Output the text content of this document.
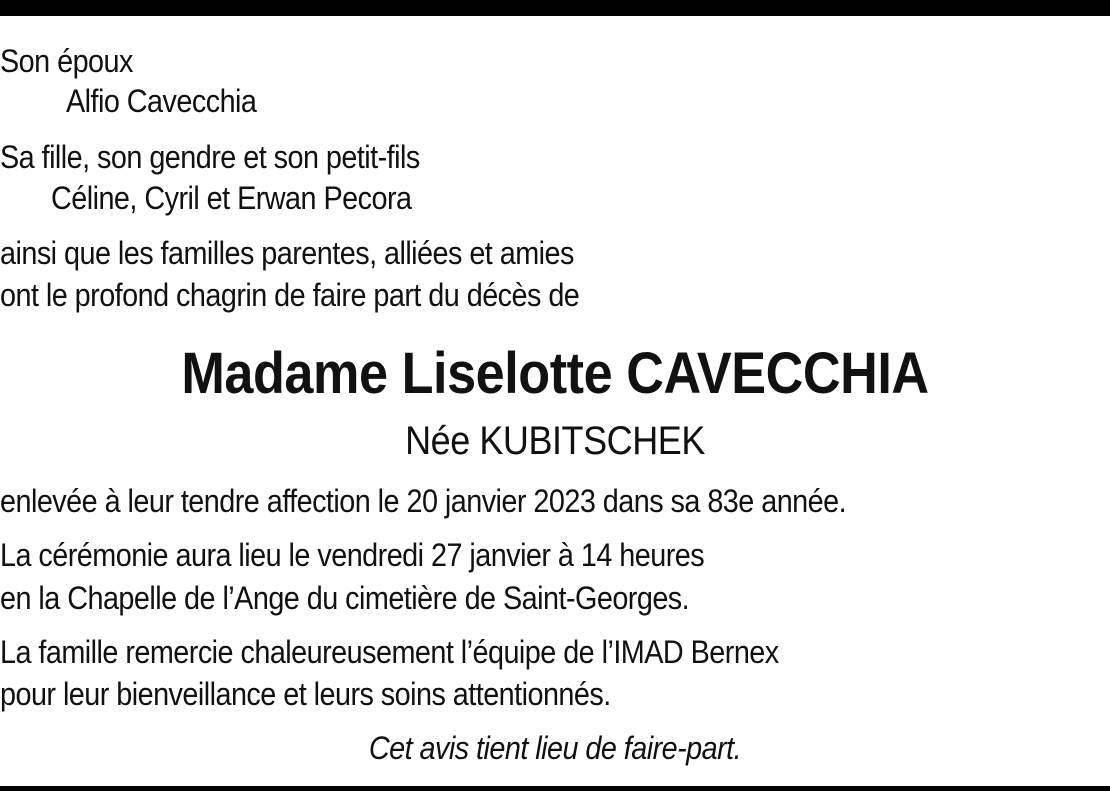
Son époux
Alfio Cavecchia
Sa fille, son gendre et son petit-fils
Céline, Cyril et Erwan Pecora
ainsi que les familles parentes, alliées et amies
ont le profond chagrin de faire part du décès de
Madame Liselotte CAVECCHIA
Née KUBITSCHEK
enlevée à leur tendre affection le 20 janvier 2023 dans sa 83e année.
La cérémonie aura lieu le vendredi 27 janvier à 14 heures
en la Chapelle de l’Ange du cimetière de Saint-Georges.
La famille remercie chaleureusement l’équipe de l’IMAD Bernex
pour leur bienveillance et leurs soins attentionnés.
Cet avis tient lieu de faire-part.
